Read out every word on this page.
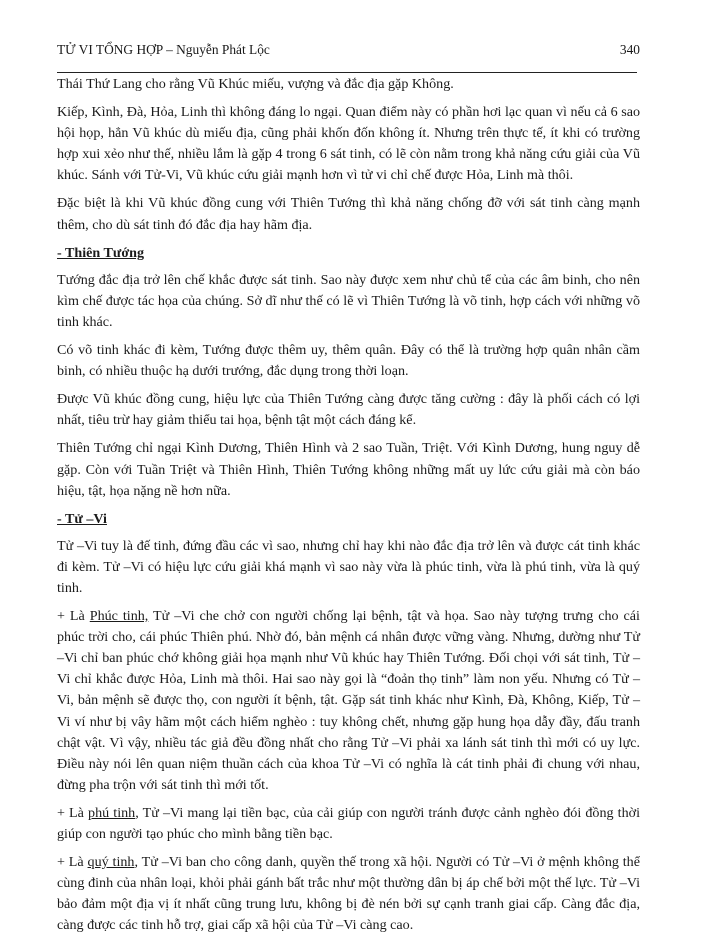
TỬ VI TỔNG HỢP – Nguyễn Phát Lộc	340

Thái Thứ Lang cho rằng Vũ Khúc miếu, vượng và đắc địa gặp Không.

Kiếp, Kình, Đà, Hỏa, Linh thì không đáng lo ngại. Quan điểm này có phần hơi lạc quan vì nếu cả 6 sao hội họp, hẳn Vũ khúc dù miếu địa, cũng phải khốn đốn không ít. Nhưng trên thực tế, ít khi có trường hợp xui xẻo như thế, nhiều lắm là gặp 4 trong 6 sát tinh, có lẽ còn nằm trong khả năng cứu giải của Vũ khúc. Sánh với Tử-Vi, Vũ khúc cứu giải mạnh hơn vì tử vi chỉ chế được Hỏa, Linh mà thôi.

Đặc biệt là khi Vũ khúc đồng cung với Thiên Tướng thì khả năng chống đỡ với sát tinh càng mạnh thêm, cho dù sát tinh đó đắc địa hay hãm địa.

- Thiên Tướng

Tướng đắc địa trở lên chế khắc được sát tinh. Sao này được xem như chủ tể của các âm binh, cho nên kìm chế được tác họa của chúng. Sở dĩ như thế có lẽ vì Thiên Tướng là võ tinh, hợp cách với những võ tinh khác.

Có võ tinh khác đi kèm, Tướng được thêm uy, thêm quân. Đây có thể là trường hợp quân nhân cầm binh, có nhiều thuộc hạ dưới trướng, đắc dụng trong thời loạn.

Được Vũ khúc đồng cung, hiệu lực của Thiên Tướng càng được tăng cường : đây là phối cách có lợi nhất, tiêu trừ hay giảm thiểu tai họa, bệnh tật một cách đáng kể.

Thiên Tướng chỉ ngại Kình Dương, Thiên Hình và 2 sao Tuần, Triệt. Với Kình Dương, hung nguy dễ gặp. Còn với Tuần Triệt và Thiên Hình, Thiên Tướng không những mất uy lức cứu giải mà còn báo hiệu, tật, họa nặng nề hơn nữa.

- Tử –Vi

Tử –Vi tuy là đế tinh, đứng đầu các vì sao, nhưng chỉ hay khi nào đắc địa trở lên và được cát tinh khác đi kèm. Tử –Vi có hiệu lực cứu giải khá mạnh vì sao này vừa là phúc tinh, vừa là phú tinh, vừa là quý tinh.

+ Là Phúc tinh, Tử –Vi che chở con người chống lại bệnh, tật và họa. Sao này tượng trưng cho cái phúc trời cho, cái phúc Thiên phú. Nhờ đó, bản mệnh cá nhân được vững vàng. Nhưng, dường như Tử –Vi chỉ ban phúc chớ không giải họa mạnh như Vũ khúc hay Thiên Tướng. Đối chọi với sát tinh, Tử –Vi chỉ khắc được Hỏa, Linh mà thôi. Hai sao này gọi là “đoản thọ tinh” làm non yếu. Nhưng có Tử –Vi, bản mệnh sẽ được thọ, con người ít bệnh, tật. Gặp sát tinh khác như Kình, Đà, Không, Kiếp, Tử –Vi ví như bị vây hãm một cách hiểm nghèo : tuy không chết, nhưng gặp hung họa dẫy đầy, đấu tranh chật vật. Vì vậy, nhiều tác giả đều đồng nhất cho rằng Tử –Vi phải xa lánh sát tinh thì mới có uy lực. Điều này nói lên quan niệm thuần cách của khoa Tử –Vi có nghĩa là cát tinh phải đi chung với nhau, đừng pha trộn với sát tinh thì mới tốt.

+ Là phú tinh, Tử –Vi mang lại tiền bạc, của cải giúp con người tránh được cảnh nghèo đói đồng thời giúp con người tạo phúc cho mình bằng tiền bạc.

+ Là quý tinh, Tử –Vi ban cho công danh, quyền thế trong xã hội. Người có Tử –Vi ở mệnh không thể cùng đinh của nhân loại, khỏi phải gánh bất trắc như một thường dân bị áp chế bởi một thế lực. Tử –Vi bảo đảm một địa vị ít nhất cũng trung lưu, không bị đè nén bởi sự cạnh tranh giai cấp. Càng đắc địa, càng được các tinh hỗ trợ, giai cấp xã hội của Tử –Vi càng cao.
